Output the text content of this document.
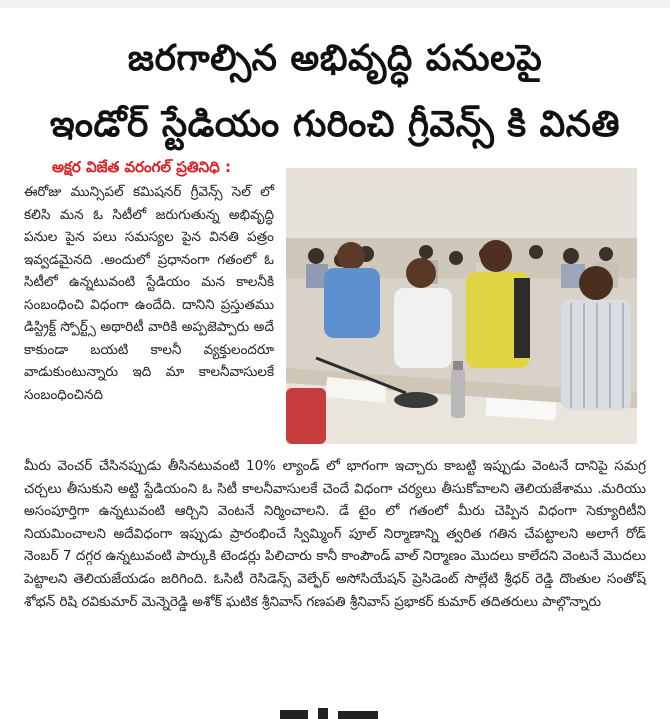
జరగాల్సిన అభివృద్ధి పనులపై
ఇండోర్ స్టేడియం గురించి గ్రీవెన్స్ కి వినతి
అక్షర విజేత వరంగల్ ప్రతినిధి :
ఈరోజు మున్సిపల్ కమిషనర్ గ్రీవెన్స్ సెల్ లో కలిసి మన ఓ సిటీలో జరుగుతున్న అభివృద్ధి పనుల పైన పలు సమస్యల పైన వినతి పత్రం ఇవ్వడమైనది .అందులో ప్రధానంగా గతంలో ఓ సిటీలో ఉన్నటువంటి స్టేడియం మన కాలనీకి సంబంధించి విధంగా ఉందేది. దానిని ప్రస్తుతము డిస్ట్రిక్ట్ స్పోర్ట్స్ అథారిటీ వారికి అప్పజెప్పారు అదే కాకుండా బయటి కాలనీ వ్యక్తులందరూ వాడుకుంటున్నారు ఇది మా కాలనీవాసులకే సంబంధించినది
మీరు వెంచర్ చేసినప్పుడు తీసినటువంటి 10% ల్యాండ్ లో భాగంగా ఇచ్చారు కాబట్టి ఇప్పుడు వెంటనే దానిపై సమగ్ర చర్చలు తీసుకుని అట్టి స్టేడియంని ఓ సిటీ కాలనీవాసులకే చెందే విధంగా చర్యలు తీసుకోవాలని తెలియజేశాము .మరియు అసంపూర్తిగా ఉన్నటువంటి ఆర్చిని వెంటనే నిర్మించాలని. డే టైం లో గతంలో మీరు చెప్పిన విధంగా సెక్యూరిటీని నియమించాలని అదేవిధంగా ఇప్పుడు ప్రారంభించే స్విమ్మింగ్ పూల్ నిర్మాణాన్ని త్వరిత గతిన చేపట్టాలని అలాగే రోడ్ నెంబర్ 7 దగ్గర ఉన్నటువంటి పార్కుకి టెండర్లు పిలిచారు కానీ కాంపౌండ్ వాల్ నిర్మాణం మొదలు కాలేదని వెంటనే మొదలు పెట్టాలని తెలియజేయడం జరిగింది. ఓసిటీ రెసిడెన్స్ వెల్ఫేర్ అసోసియేషన్ ప్రెసిడెంట్ సొల్లేటి శ్రీధర్ రెడ్డి దొంతుల సంతోష్ శోభన్ రిషి రవికుమార్ మెన్నెరెడ్డి అశోక్ ఘటిక శ్రీనివాస్ గణపతి శ్రీనివాస్ ప్రభాకర్ కుమార్ తదితరులు పాల్గొన్నారు
